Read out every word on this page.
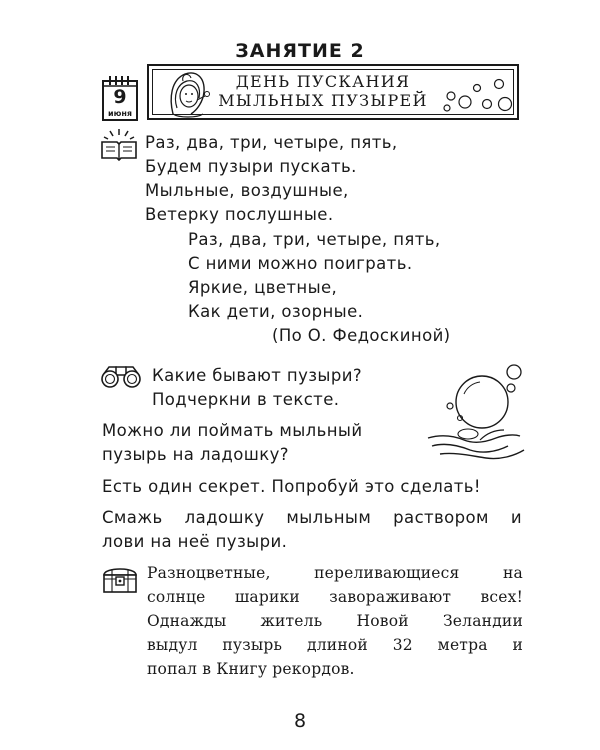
ЗАНЯТИЕ 2
9
июня
ДЕНЬ ПУСКАНИЯ
МЫЛЬНЫХ ПУЗЫРЕЙ
Раз, два, три, четыре, пять,
Будем пузыри пускать.
Мыльные, воздушные,
Ветерку послушные.
Раз, два, три, четыре, пять,
С ними можно поиграть.
Яркие, цветные,
Как дети, озорные.
(По О. Федоскиной)
Какие бывают пузыри?
Подчеркни в тексте.
Можно ли поймать мыльный
пузырь на ладошку?
Есть один секрет. Попробуй это сделать!
Смажь ладошку мыльным раствором и
лови на неё пузыри.
Разноцветные, переливающиеся на
солнце шарики завораживают всех!
Однажды житель Новой Зеландии
выдул пузырь длиной 32 метра и
попал в Книгу рекордов.
8
